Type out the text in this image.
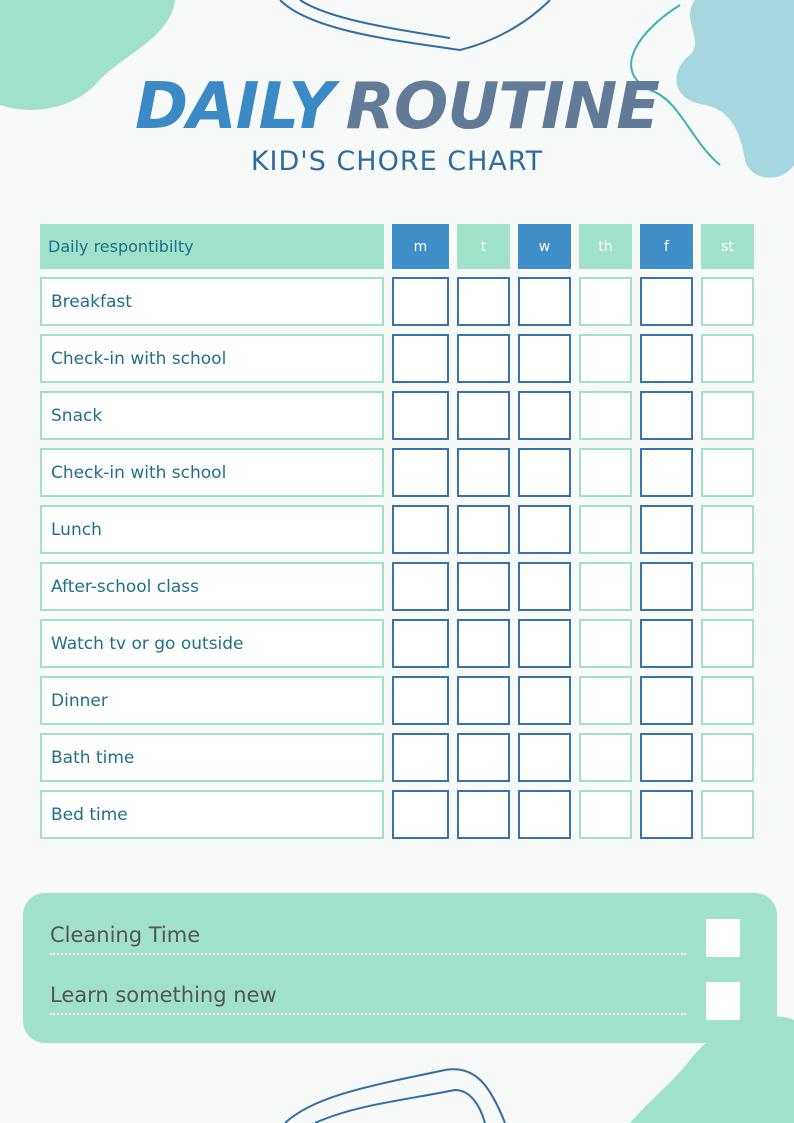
DAILY ROUTINE
KID'S CHORE CHART
Daily respontibilty	m	t	w	th	f	st
Breakfast
Check-in with school
Snack
Check-in with school
Lunch
After-school class
Watch tv or go outside
Dinner
Bath time
Bed time
Cleaning Time
Learn something new
